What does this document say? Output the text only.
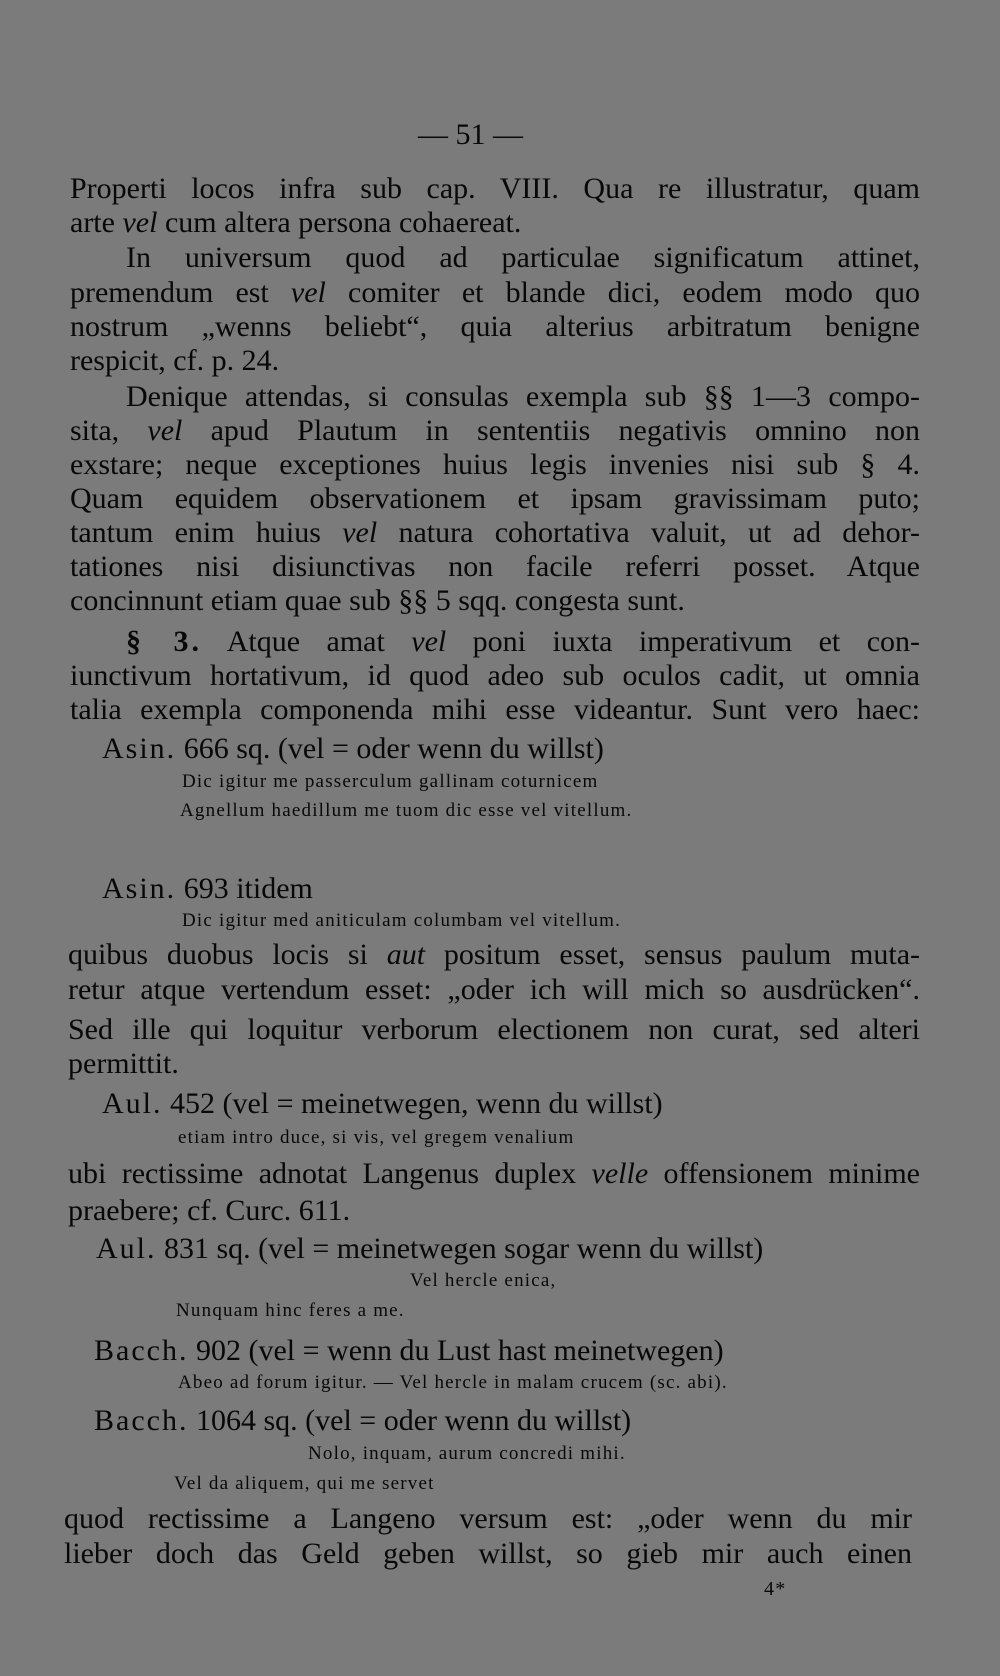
— 51 —
Properti locos infra sub cap. VIII. Qua re illustratur, quam
arte vel cum altera persona cohaereat.
In universum quod ad particulae significatum attinet,
premendum est vel comiter et blande dici, eodem modo quo
nostrum „wenns beliebt“, quia alterius arbitratum benigne
respicit, cf. p. 24.
Denique attendas, si consulas exempla sub §§ 1—3 compo-
sita, vel apud Plautum in sententiis negativis omnino non
exstare; neque exceptiones huius legis invenies nisi sub § 4.
Quam equidem observationem et ipsam gravissimam puto;
tantum enim huius vel natura cohortativa valuit, ut ad dehor-
tationes nisi disiunctivas non facile referri posset. Atque
concinnunt etiam quae sub §§ 5 sqq. congesta sunt.
§ 3. Atque amat vel poni iuxta imperativum et con-
iunctivum hortativum, id quod adeo sub oculos cadit, ut omnia
talia exempla componenda mihi esse videantur. Sunt vero haec:
Asin. 666 sq. (vel = oder wenn du willst)
Dic igitur me passerculum gallinam coturnicem
Agnellum haedillum me tuom dic esse vel vitellum.
Asin. 693 itidem
Dic igitur med aniticulam columbam vel vitellum.
quibus duobus locis si aut positum esset, sensus paulum muta-
retur atque vertendum esset: „oder ich will mich so ausdrücken“.
Sed ille qui loquitur verborum electionem non curat, sed alteri
permittit.
Aul. 452 (vel = meinetwegen, wenn du willst)
etiam intro duce, si vis, vel gregem venalium
ubi rectissime adnotat Langenus duplex velle offensionem minime
praebere; cf. Curc. 611.
Aul. 831 sq. (vel = meinetwegen sogar wenn du willst)
Vel hercle enica,
Nunquam hinc feres a me.
Bacch. 902 (vel = wenn du Lust hast meinetwegen)
Abeo ad forum igitur. — Vel hercle in malam crucem (sc. abi).
Bacch. 1064 sq. (vel = oder wenn du willst)
Nolo, inquam, aurum concredi mihi.
Vel da aliquem, qui me servet
quod rectissime a Langeno versum est: „oder wenn du mir
lieber doch das Geld geben willst, so gieb mir auch einen
4*
